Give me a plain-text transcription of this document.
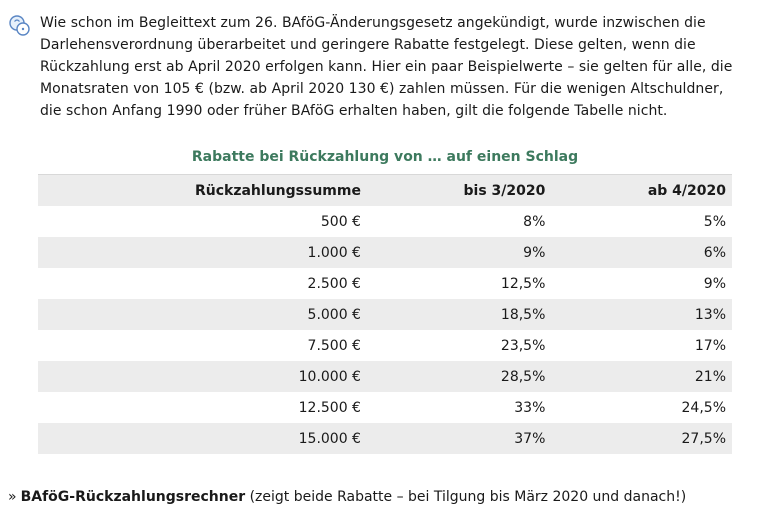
Wie schon im Begleittext zum 26. BAföG-Änderungsgesetz angekündigt, wurde inzwischen die Darlehensverordnung überarbeitet und geringere Rabatte festgelegt. Diese gelten, wenn die Rückzahlung erst ab April 2020 erfolgen kann. Hier ein paar Beispielwerte – sie gelten für alle, die Monatsraten von 105 € (bzw. ab April 2020 130 €) zahlen müssen. Für die wenigen Altschuldner, die schon Anfang 1990 oder früher BAföG erhalten haben, gilt die folgende Tabelle nicht.

Rabatte bei Rückzahlung von … auf einen Schlag
Rückzahlungssumme	bis 3/2020	ab 4/2020
500 €	8%	5%
1.000 €	9%	6%
2.500 €	12,5%	9%
5.000 €	18,5%	13%
7.500 €	23,5%	17%
10.000 €	28,5%	21%
12.500 €	33%	24,5%
15.000 €	37%	27,5%
» BAföG-Rückzahlungsrechner (zeigt beide Rabatte – bei Tilgung bis März 2020 und danach!)
